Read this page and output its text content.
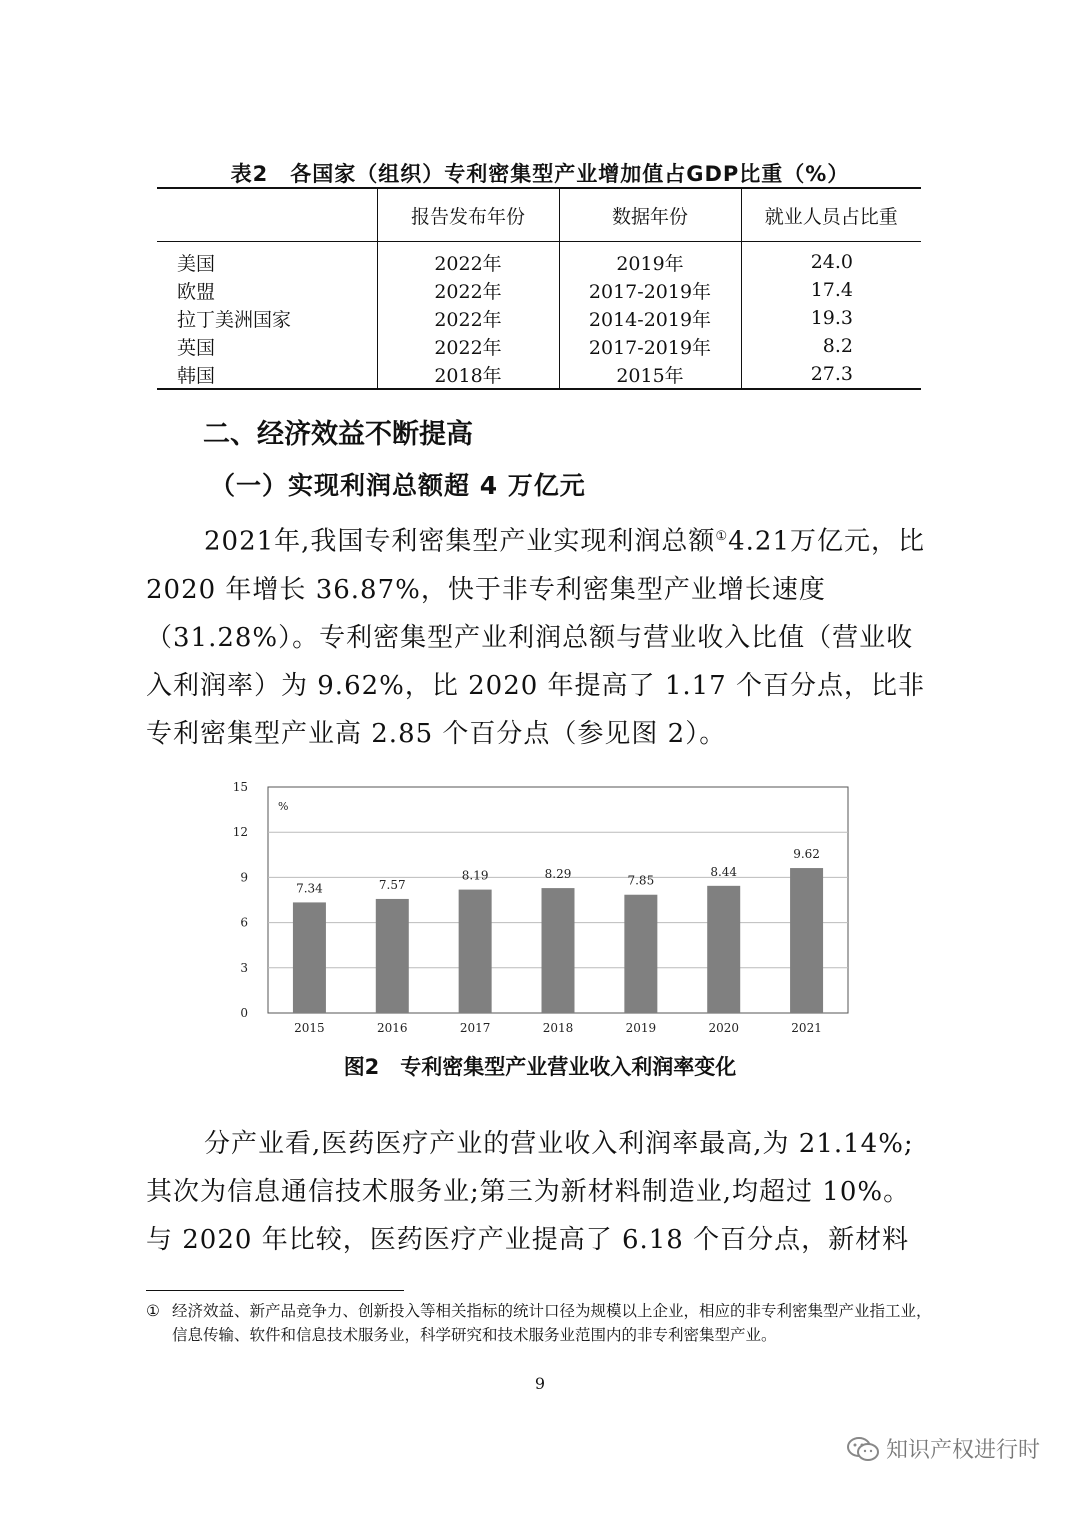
表2　各国家（组织）专利密集型产业增加值占GDP比重（%）
	报告发布年份	数据年份	就业人员占比重
美国	2022年	2019年	24.0
欧盟	2022年	2017-2019年	17.4
拉丁美洲国家	2022年	2014-2019年	19.3
英国	2022年	2017-2019年	8.2
韩国	2018年	2015年	27.3
二、经济效益不断提高
（一）实现利润总额超 4 万亿元

2021年,我国专利密集型产业实现利润总额①4.21万亿元，比 2020 年增长 36.87%，快于非专利密集型产业增长速度（31.28%）。专利密集型产业利润总额与营业收入比值（营业收入利润率）为 9.62%，比 2020 年提高了 1.17 个百分点，比非专利密集型产业高 2.85 个百分点（参见图 2）。

0
3
6
9
12
15
%
7.34
2015
7.57
2016
8.19
2017
8.29
2018
7.85
2019
8.44
2020
9.62
2021
图2　专利密集型产业营业收入利润率变化

分产业看,医药医疗产业的营业收入利润率最高,为 21.14%;其次为信息通信技术服务业;第三为新材料制造业,均超过 10%。与 2020 年比较，医药医疗产业提高了 6.18 个百分点，新材料

① 经济效益、新产品竞争力、创新投入等相关指标的统计口径为规模以上企业，相应的非专利密集型产业指工业，信息传输、软件和信息技术服务业，科学研究和技术服务业范围内的非专利密集型产业。
9
知识产权进行时
